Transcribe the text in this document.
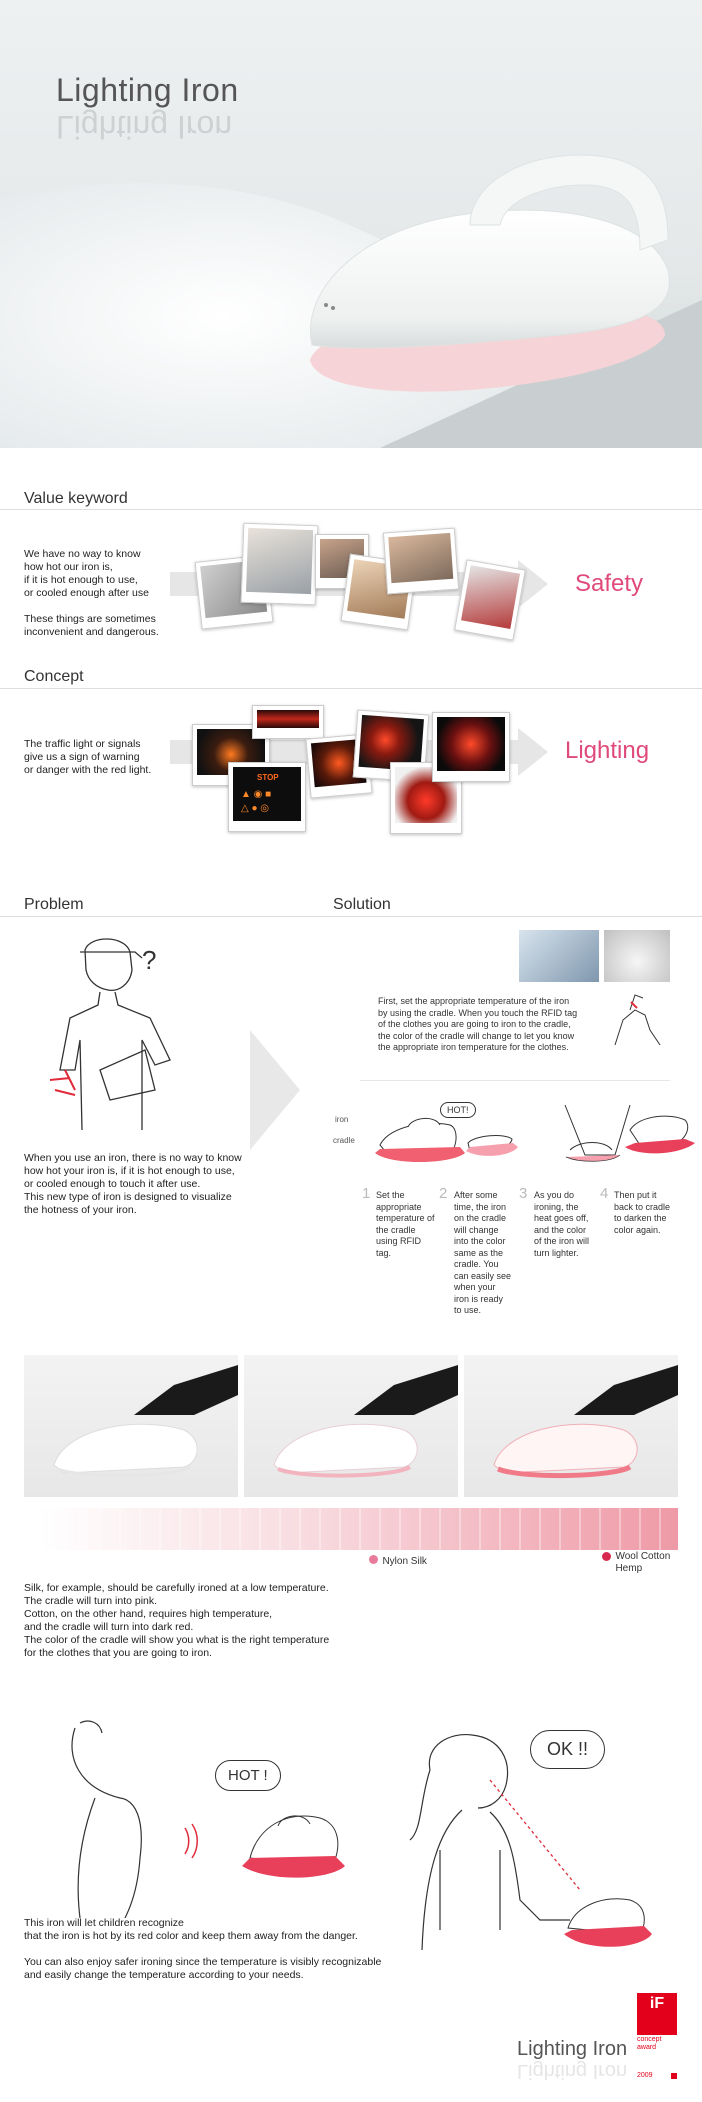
Lighting Iron
Lighting Iron
Value keyword
We have no way to know
how hot our iron is,
if it is hot enough to use,
or cooled enough after use

These things are sometimes
inconvenient and dangerous.
Safety
Concept
The traffic light or signals
give us a sign of warning
or danger with the red light.
STOP
▲ ◉ ■
△ ● ◎
Lighting
Problem	Solution
?
When you use an iron, there is no way to know
how hot your iron is, if it is hot enough to use,
or cooled enough to touch it after use.
This new type of iron is designed to visualize
the hotness of your iron.
First, set the appropriate temperature of the iron
by using the cradle. When you touch the RFID tag
of the clothes you are going to iron to the cradle,
the color of the cradle will change to let you know
the appropriate iron temperature for the clothes.
iron
cradle
HOT!
1 Set the
appropriate
temperature of
the cradle
using RFID
tag.
2 After some
time, the iron
on the cradle
will change
into the color
same as the
cradle. You
can easily see
when your
iron is ready
to use.
3 As you do
ironing, the
heat goes off,
and the color
of the iron will
turn lighter.
4 Then put it
back to cradle
to darken the
color again.
Nylon Silk	Wool Cotton
Hemp
Silk, for example, should be carefully ironed at a low temperature.
The cradle will turn into pink.
Cotton, on the other hand, requires high temperature,
and the cradle will turn into dark red.
The color of the cradle will show you what is the right temperature
for the clothes that you are going to iron.
HOT !
OK !!
This iron will let children recognize
that the iron is hot by its red color and keep them away from the danger.

You can also enjoy safer ironing since the temperature is visibly recognizable
and easily change the temperature according to your needs.
Lighting Iron
Lighting Iron
iF
concept
award
2009
